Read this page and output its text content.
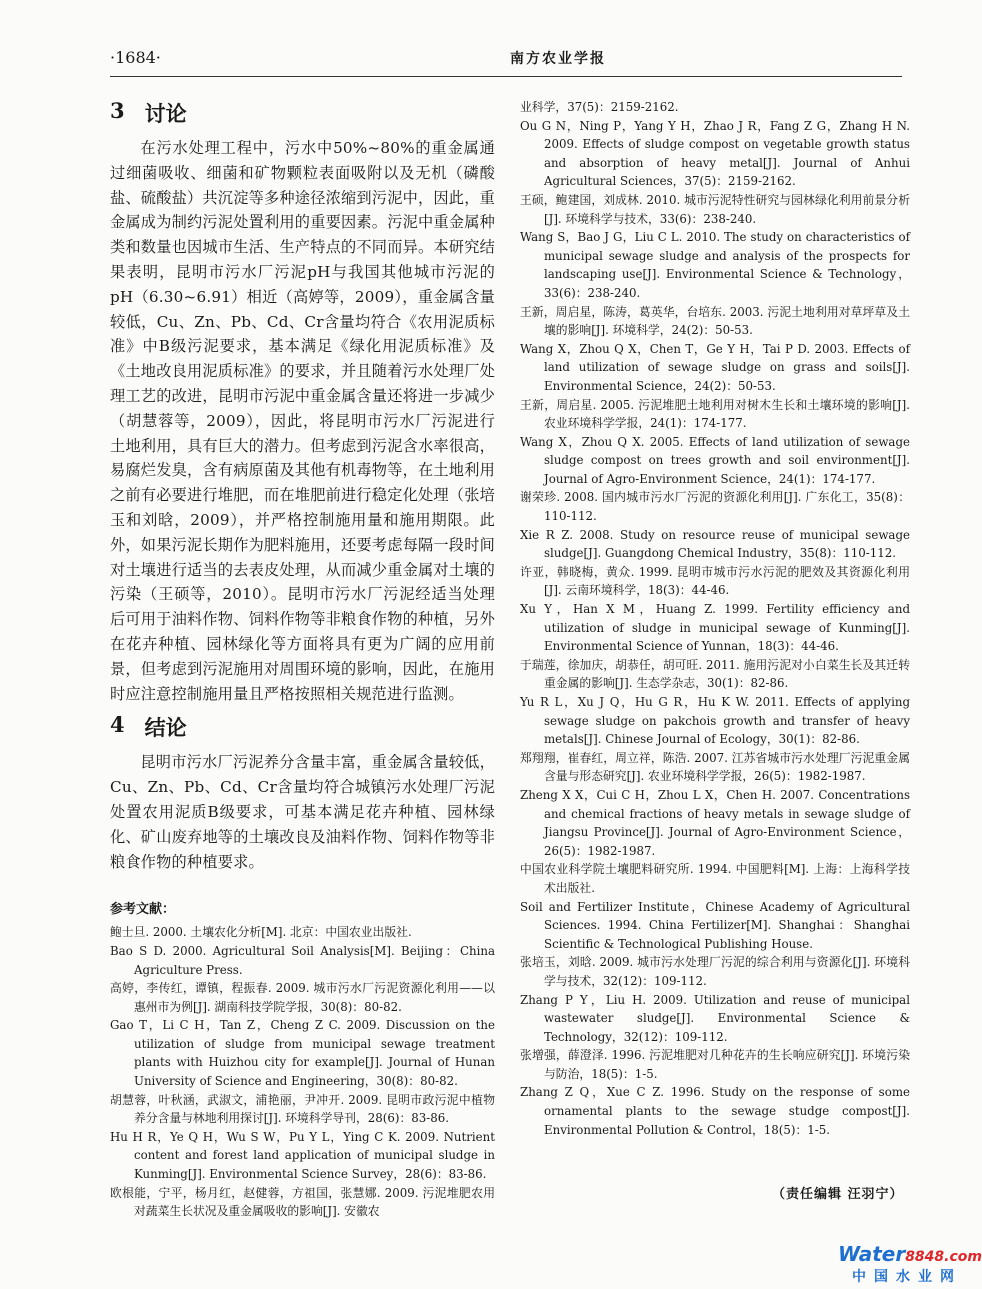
·1684·	南方农业学报
3 讨论

在污水处理工程中，污水中50%~80%的重金属通过细菌吸收、细菌和矿物颗粒表面吸附以及无机（磷酸盐、硫酸盐）共沉淀等多种途径浓缩到污泥中，因此，重金属成为制约污泥处置利用的重要因素。污泥中重金属种类和数量也因城市生活、生产特点的不同而异。本研究结果表明，昆明市污水厂污泥pH与我国其他城市污泥的pH（6.30~6.91）相近（高婷等，2009），重金属含量较低，Cu、Zn、Pb、Cd、Cr含量均符合《农用泥质标准》中B级污泥要求，基本满足《绿化用泥质标准》及《土地改良用泥质标准》的要求，并且随着污水处理厂处理工艺的改进，昆明市污泥中重金属含量还将进一步减少（胡慧蓉等，2009），因此，将昆明市污水厂污泥进行土地利用，具有巨大的潜力。但考虑到污泥含水率很高，易腐烂发臭，含有病原菌及其他有机毒物等，在土地利用之前有必要进行堆肥，而在堆肥前进行稳定化处理（张培玉和刘晗，2009），并严格控制施用量和施用期限。此外，如果污泥长期作为肥料施用，还要考虑每隔一段时间对土壤进行适当的去表皮处理，从而减少重金属对土壤的污染（王硕等，2010）。昆明市污水厂污泥经适当处理后可用于油料作物、饲料作物等非粮食作物的种植，另外在花卉种植、园林绿化等方面将具有更为广阔的应用前景，但考虑到污泥施用对周围环境的影响，因此，在施用时应注意控制施用量且严格按照相关规范进行监测。

4 结论

昆明市污水厂污泥养分含量丰富，重金属含量较低，Cu、Zn、Pb、Cd、Cr含量均符合城镇污水处理厂污泥处置农用泥质B级要求，可基本满足花卉种植、园林绿化、矿山废弃地等的土壤改良及油料作物、饲料作物等非粮食作物的种植要求。

参考文献：

鲍士旦. 2000. 土壤农化分析[M]. 北京：中国农业出版社.

Bao S D. 2000. Agricultural Soil Analysis[M]. Beijing：China Agriculture Press.

高婷，李传红，谭镇，程振春. 2009. 城市污水厂污泥资源化利用——以惠州市为例[J]. 湖南科技学院学报，30(8)：80-82.

Gao T，Li C H，Tan Z，Cheng Z C. 2009. Discussion on the utilization of sludge from municipal sewage treatment plants with Huizhou city for example[J]. Journal of Hunan University of Science and Engineering，30(8)：80-82.

胡慧蓉，叶秋涵，武淑文，浦艳丽，尹冲开. 2009. 昆明市政污泥中植物养分含量与林地利用探讨[J]. 环境科学导刊，28(6)：83-86.

Hu H R，Ye Q H，Wu S W，Pu Y L，Ying C K. 2009. Nutrient content and forest land application of municipal sludge in Kunming[J]. Environmental Science Survey，28(6)：83-86.

欧根能，宁平，杨月红，赵健蓉，方祖国，张慧娜. 2009. 污泥堆肥农用对蔬菜生长状况及重金属吸收的影响[J]. 安徽农

业科学，37(5)：2159-2162.

Ou G N，Ning P，Yang Y H，Zhao J R，Fang Z G，Zhang H N. 2009. Effects of sludge compost on vegetable growth status and absorption of heavy metal[J]. Journal of Anhui Agricultural Sciences，37(5)：2159-2162.

王硕，鲍建国，刘成林. 2010. 城市污泥特性研究与园林绿化利用前景分析[J]. 环境科学与技术，33(6)：238-240.

Wang S，Bao J G，Liu C L. 2010. The study on characteristics of municipal sewage sludge and analysis of the prospects for landscaping use[J]. Environmental Science & Technology，33(6)：238-240.

王新，周启星，陈涛，葛英华，台培东. 2003. 污泥土地利用对草坪草及土壤的影响[J]. 环境科学，24(2)：50-53.

Wang X，Zhou Q X，Chen T，Ge Y H，Tai P D. 2003. Effects of land utilization of sewage sludge on grass and soils[J]. Environmental Science，24(2)：50-53.

王新，周启星. 2005. 污泥堆肥土地利用对树木生长和土壤环境的影响[J]. 农业环境科学学报，24(1)：174-177.

Wang X，Zhou Q X. 2005. Effects of land utilization of sewage sludge compost on trees growth and soil environment[J]. Journal of Agro-Environment Science，24(1)：174-177.

谢荣珍. 2008. 国内城市污水厂污泥的资源化利用[J]. 广东化工，35(8)：110-112.

Xie R Z. 2008. Study on resource reuse of municipal sewage sludge[J]. Guangdong Chemical Industry，35(8)：110-112.

许亚，韩晓梅，黄众. 1999. 昆明市城市污水污泥的肥效及其资源化利用[J]. 云南环境科学，18(3)：44-46.

Xu Y，Han X M，Huang Z. 1999. Fertility efficiency and utilization of sludge in municipal sewage of Kunming[J]. Environmental Science of Yunnan，18(3)：44-46.

于瑞莲，徐加庆，胡恭任，胡可旺. 2011. 施用污泥对小白菜生长及其迁转重金属的影响[J]. 生态学杂志，30(1)：82-86.

Yu R L，Xu J Q，Hu G R，Hu K W. 2011. Effects of applying sewage sludge on pakchois growth and transfer of heavy metals[J]. Chinese Journal of Ecology，30(1)：82-86.

郑翔翔，崔春红，周立祥，陈浩. 2007. 江苏省城市污水处理厂污泥重金属含量与形态研究[J]. 农业环境科学学报，26(5)：1982-1987.

Zheng X X，Cui C H，Zhou L X，Chen H. 2007. Concentrations and chemical fractions of heavy metals in sewage sludge of Jiangsu Province[J]. Journal of Agro-Environment Science，26(5)：1982-1987.

中国农业科学院土壤肥料研究所. 1994. 中国肥料[M]. 上海：上海科学技术出版社.

Soil and Fertilizer Institute，Chinese Academy of Agricultural Sciences. 1994. China Fertilizer[M]. Shanghai：Shanghai Scientific & Technological Publishing House.

张培玉，刘晗. 2009. 城市污水处理厂污泥的综合利用与资源化[J]. 环境科学与技术，32(12)：109-112.

Zhang P Y，Liu H. 2009. Utilization and reuse of municipal wastewater sludge[J]. Environmental Science & Technology，32(12)：109-112.

张增强，薛澄泽. 1996. 污泥堆肥对几种花卉的生长响应研究[J]. 环境污染与防治，18(5)：1-5.

Zhang Z Q，Xue C Z. 1996. Study on the response of some ornamental plants to the sewage studge compost[J]. Environmental Pollution & Control，18(5)：1-5.

（责任编辑 汪羽宁）
Water8848.com
中国水业网
